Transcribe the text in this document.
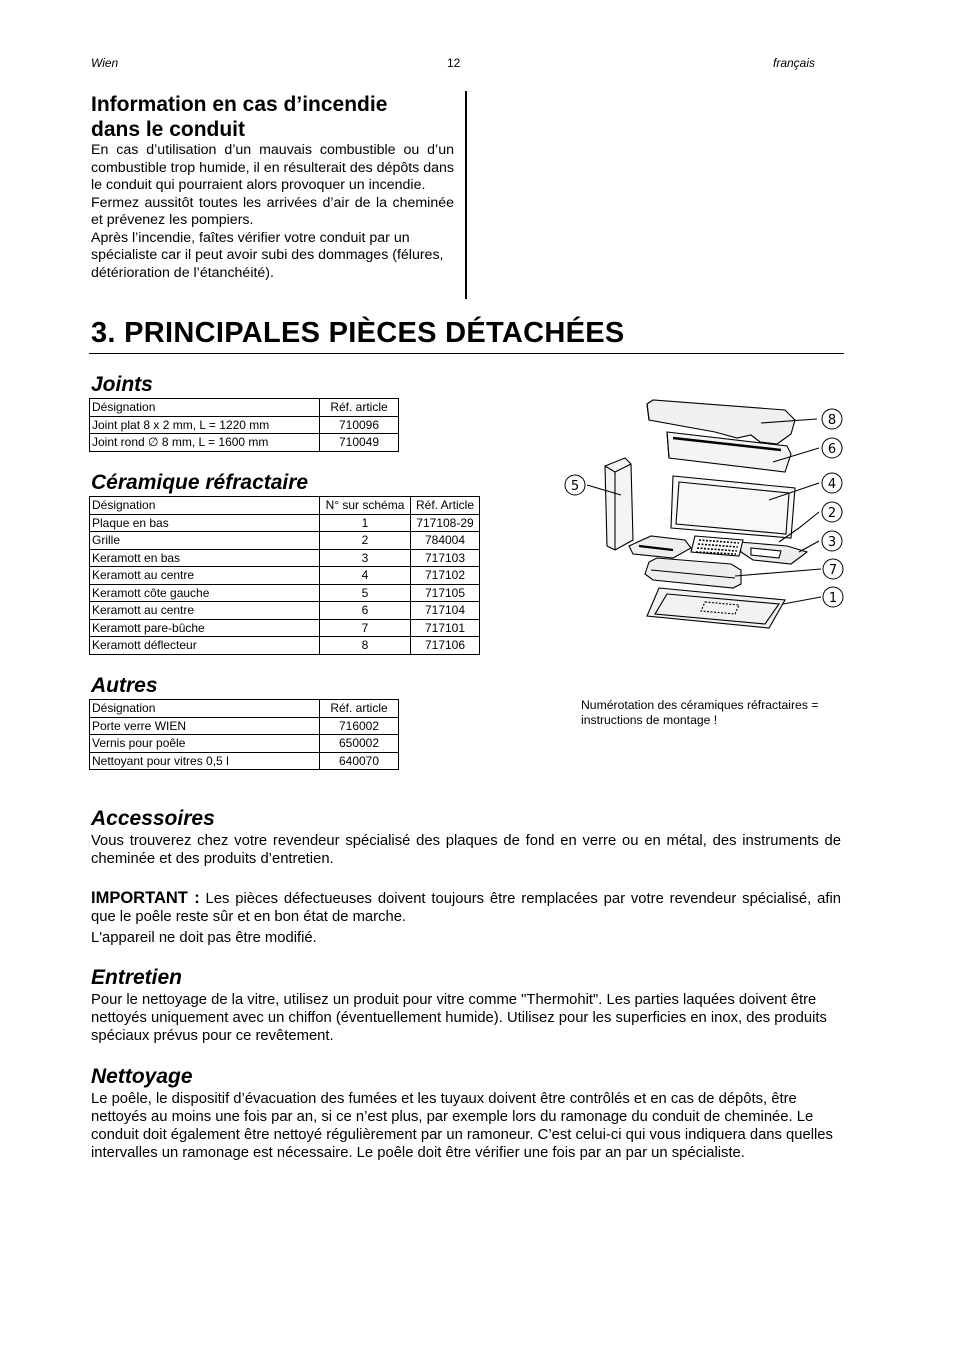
Wien	12	français
Information en cas d’incendie
dans le conduit
En cas d’utilisation d’un mauvais combustible ou d’un combustible trop humide, il en résulterait des dépôts dans le conduit qui pourraient alors provoquer un incendie.
Fermez aussitôt toutes les arrivées d’air de la cheminée et prévenez les pompiers.
Après l’incendie, faîtes vérifier votre conduit par un spécialiste car il peut avoir subi des dommages (félures, détérioration de l’étanchéité).
3. PRINCIPALES PIÈCES DÉTACHÉES
Joints
Désignation	Réf. article
Joint plat 8 x 2 mm, L = 1220 mm	710096
Joint rond ∅ 8 mm, L = 1600 mm	710049
Céramique réfractaire
Désignation	N° sur schéma	Réf. Article
Plaque en bas	1	717108-29
Grille	2	784004
Keramott en bas	3	717103
Keramott au centre	4	717102
Keramott côte gauche	5	717105
Keramott au centre	6	717104
Keramott pare-bûche	7	717101
Keramott déflecteur	8	717106
Autres
Désignation	Réf. article
Porte verre WIEN	716002
Vernis pour poêle	650002
Nettoyant pour vitres 0,5 l	640070
8
6
5	4
2
3
7
1
Numérotation des céramiques réfractaires =
instructions de montage !
Accessoires
Vous trouverez chez votre revendeur spécialisé des plaques de fond en verre ou en métal, des instruments de cheminée et des produits d’entretien.
IMPORTANT : Les pièces défectueuses doivent toujours être remplacées par votre revendeur spécialisé, afin que le poêle reste sûr et en bon état de marche.
L'appareil ne doit pas être modifié.
Entretien
Pour le nettoyage de la vitre, utilisez un produit pour vitre comme "Thermohit". Les parties laquées doivent être nettoyés uniquement avec un chiffon (éventuellement humide). Utilisez pour les superficies en inox, des produits spéciaux prévus pour ce revêtement.
Nettoyage
Le poêle, le dispositif d’évacuation des fumées et les tuyaux doivent être contrôlés et en cas de dépôts, être nettoyés au moins une fois par an, si ce n’est plus, par exemple lors du ramonage du conduit de cheminée. Le conduit doit également être nettoyé régulièrement par un ramoneur. C’est celui-ci qui vous indiquera dans quelles intervalles un ramonage est nécessaire. Le poêle doit être vérifier une fois par an par un spécialiste.
